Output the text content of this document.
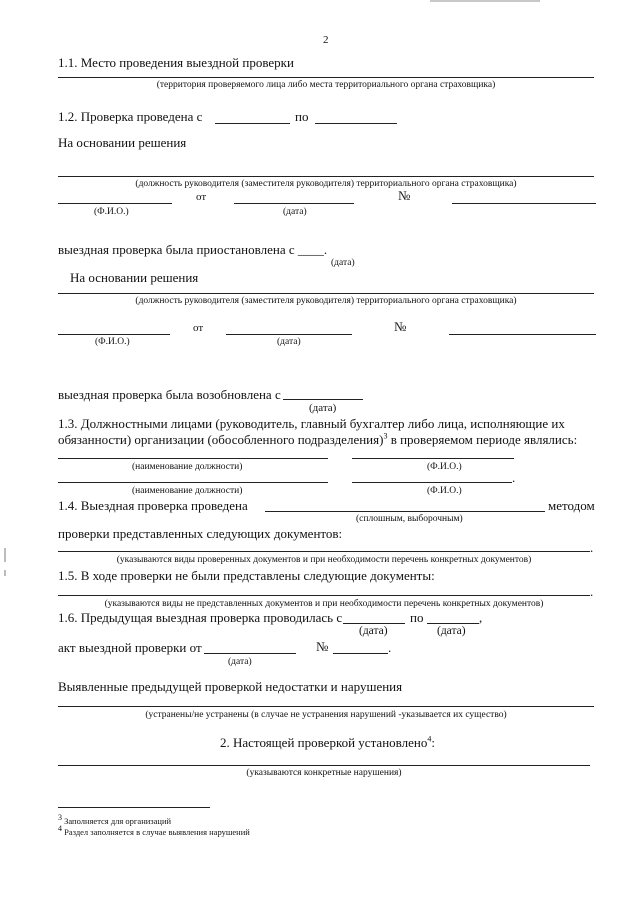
2
1.1. Место проведения выездной проверки
(территория проверяемого лица либо места территориального органа страховщика)
1.2. Проверка проведена с	по
На основании решения
(должность руководителя (заместителя руководителя) территориального органа страховщика)
от	№
(Ф.И.О.)	(дата)
выездная проверка была приостановлена с ____.
(дата)
На основании решения
(должность руководителя (заместителя руководителя) территориального органа страховщика)
от	№
(Ф.И.О.)	(дата)
выездная проверка была возобновлена с
(дата)
1.3. Должностными лицами (руководитель, главный бухгалтер либо лица, исполняющие их
обязанности) организации (обособленного подразделения)$^3$ в проверяемом периоде являлись:
(наименование должности)	(Ф.И.О.)
.
(наименование должности)	(Ф.И.О.)
1.4. Выездная проверка проведена	методом
(сплошным, выборочным)
проверки представленных следующих документов:
.
(указываются виды проверенных документов и при необходимости перечень конкретных документов)
1.5. В ходе проверки не были представлены следующие документы:
.
(указываются виды не представленных документов и при необходимости перечень конкретных документов)
1.6. Предыдущая выездная проверка проводилась с	по	,
(дата)	(дата)
акт выездной проверки от	№	.
(дата)
Выявленные предыдущей проверкой недостатки и нарушения
(устранены/не устранены (в случае не устранения нарушений -указывается их существо)
2. Настоящей проверкой установлено$^4$:
(указываются конкретные нарушения)
$^3$ Заполняется для организаций
$^4$ Раздел заполняется в случае выявления нарушений
